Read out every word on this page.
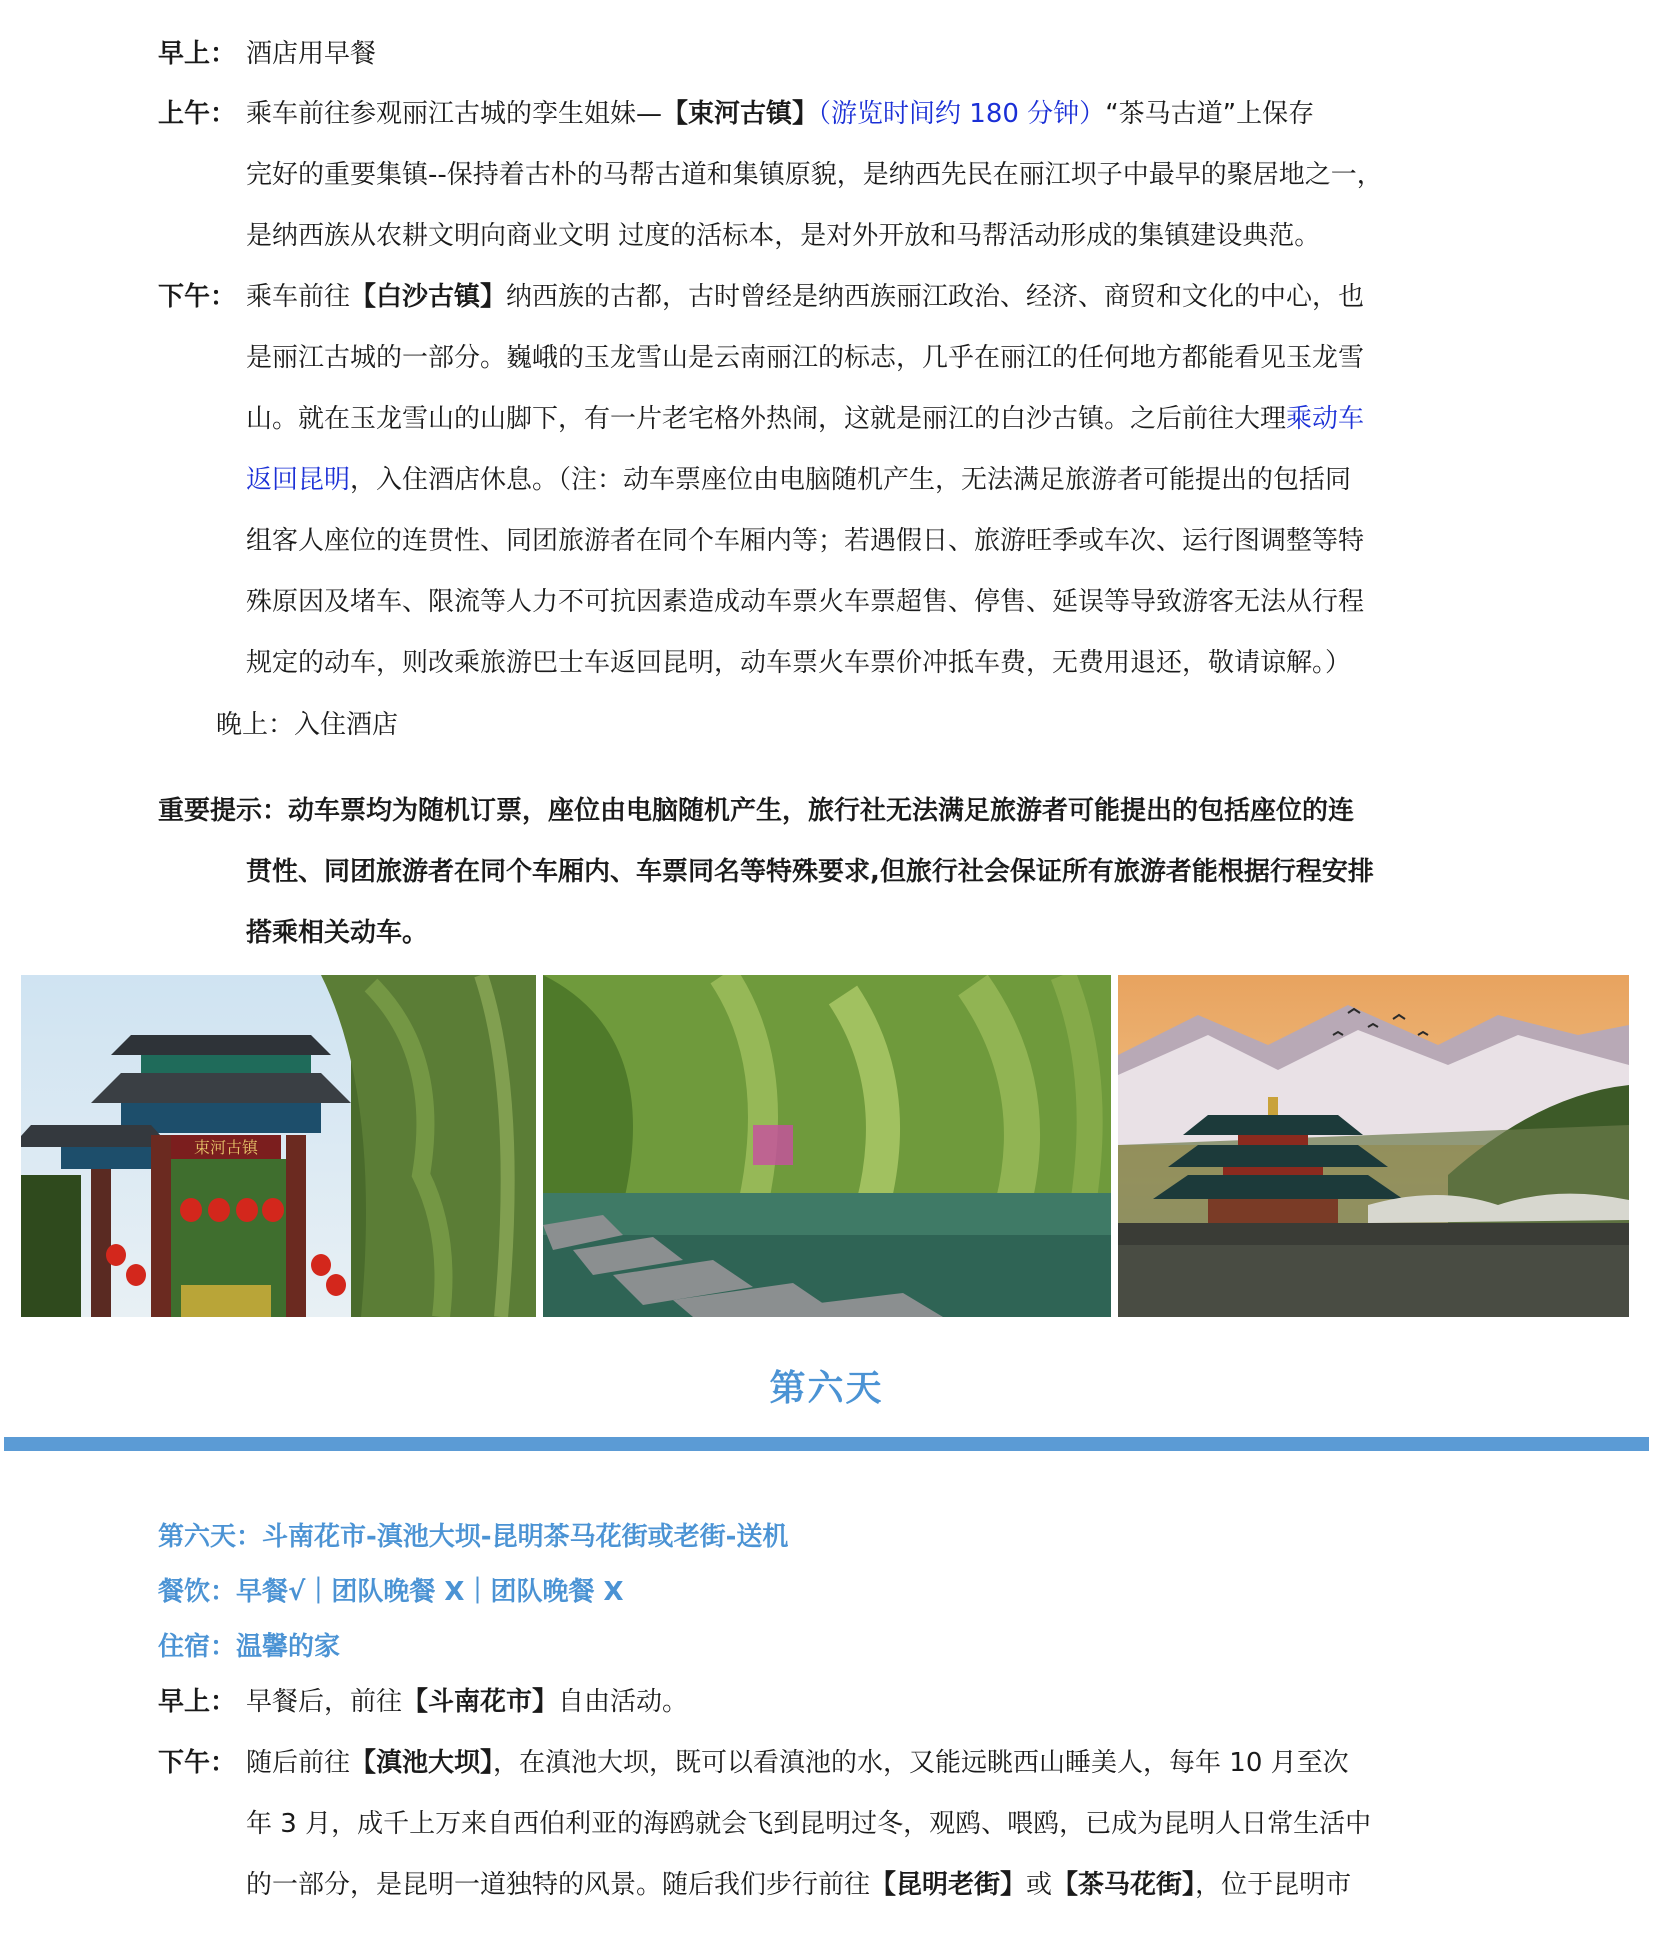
早上： 酒店用早餐
上午： 乘车前往参观丽江古城的孪生姐妹—【束河古镇】（游览时间约 180 分钟）“茶马古道”上保存
完好的重要集镇--保持着古朴的马帮古道和集镇原貌，是纳西先民在丽江坝子中最早的聚居地之一，
是纳西族从农耕文明向商业文明 过度的活标本，是对外开放和马帮活动形成的集镇建设典范。
下午： 乘车前往【白沙古镇】纳西族的古都，古时曾经是纳西族丽江政治、经济、商贸和文化的中心，也
是丽江古城的一部分。巍峨的玉龙雪山是云南丽江的标志，几乎在丽江的任何地方都能看见玉龙雪
山。就在玉龙雪山的山脚下，有一片老宅格外热闹，这就是丽江的白沙古镇。之后前往大理乘动车
返回昆明，入住酒店休息。（注：动车票座位由电脑随机产生，无法满足旅游者可能提出的包括同
组客人座位的连贯性、同团旅游者在同个车厢内等；若遇假日、旅游旺季或车次、运行图调整等特
殊原因及堵车、限流等人力不可抗因素造成动车票火车票超售、停售、延误等导致游客无法从行程
规定的动车，则改乘旅游巴士车返回昆明，动车票火车票价冲抵车费，无费用退还，敬请谅解。）
晚上：入住酒店
重要提示：动车票均为随机订票，座位由电脑随机产生，旅行社无法满足旅游者可能提出的包括座位的连
贯性、同团旅游者在同个车厢内、车票同名等特殊要求,但旅行社会保证所有旅游者能根据行程安排
搭乘相关动车。
束河古镇
第六天
第六天：斗南花市-滇池大坝-昆明茶马花街或老街-送机
餐饮：早餐√｜团队晚餐 X｜团队晚餐 X
住宿：温馨的家
早上： 早餐后，前往【斗南花市】自由活动。
下午： 随后前往【滇池大坝】，在滇池大坝，既可以看滇池的水，又能远眺西山睡美人，每年 10 月至次
年 3 月，成千上万来自西伯利亚的海鸥就会飞到昆明过冬，观鸥、喂鸥，已成为昆明人日常生活中
的一部分，是昆明一道独特的风景。随后我们步行前往【昆明老街】或【茶马花街】，位于昆明市
